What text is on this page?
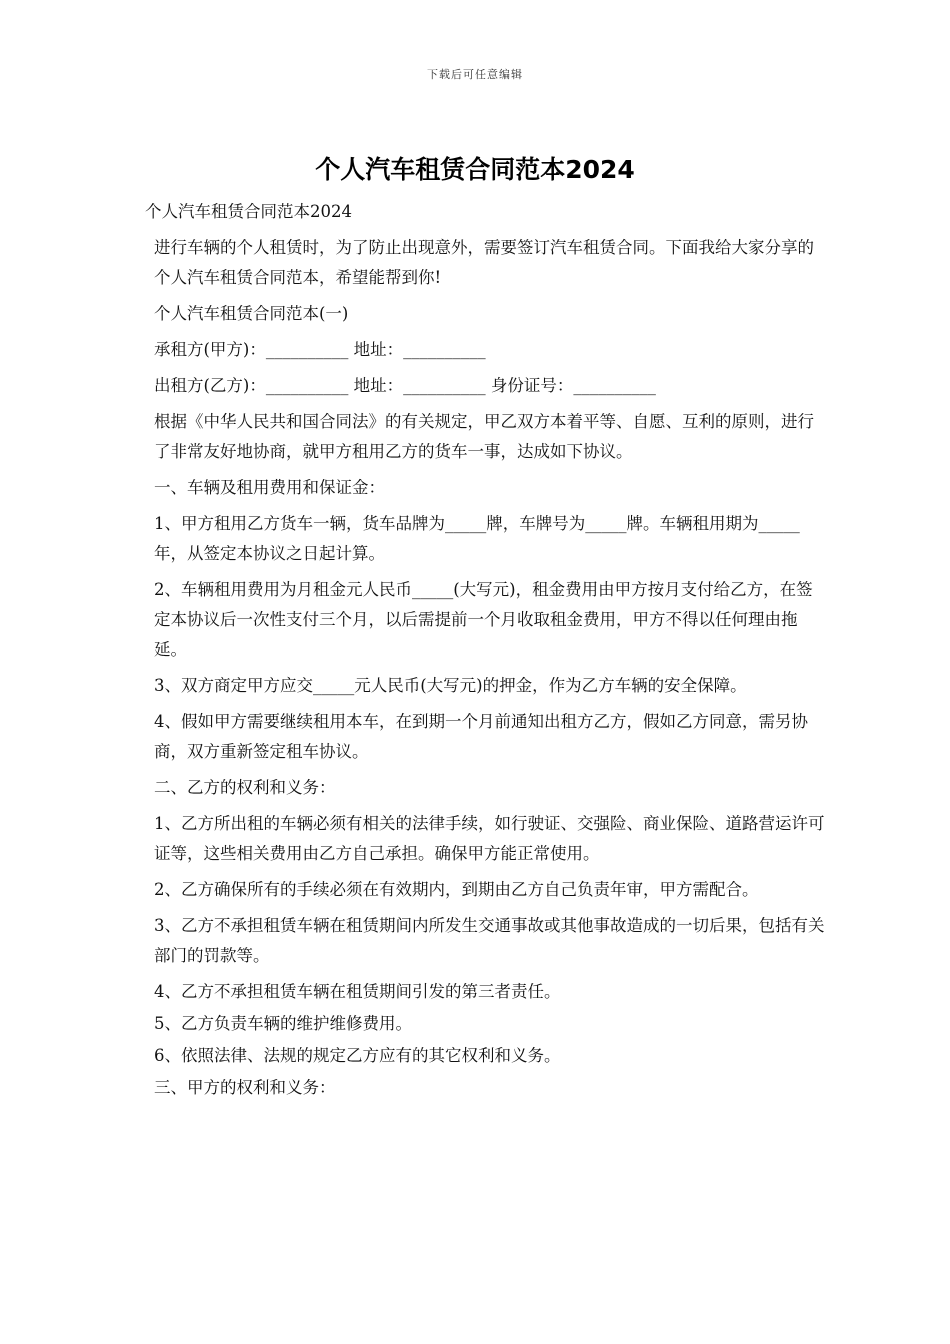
下载后可任意编辑
个人汽车租赁合同范本2024

个人汽车租赁合同范本2024

进行车辆的个人租赁时，为了防止出现意外，需要签订汽车租赁合同。下面我给大家分享的个人汽车租赁合同范本，希望能帮到你!

个人汽车租赁合同范本(一)

承租方(甲方)：__________ 地址：__________

出租方(乙方)：__________ 地址：__________ 身份证号：__________

根据《中华人民共和国合同法》的有关规定，甲乙双方本着平等、自愿、互利的原则，进行了非常友好地协商，就甲方租用乙方的货车一事，达成如下协议。

一、车辆及租用费用和保证金：

1、甲方租用乙方货车一辆，货车品牌为_____牌，车牌号为_____牌。车辆租用期为_____年，从签定本协议之日起计算。

2、车辆租用费用为月租金元人民币_____(大写元)，租金费用由甲方按月支付给乙方，在签定本协议后一次性支付三个月，以后需提前一个月收取租金费用，甲方不得以任何理由拖延。

3、双方商定甲方应交_____元人民币(大写元)的押金，作为乙方车辆的安全保障。

4、假如甲方需要继续租用本车，在到期一个月前通知出租方乙方，假如乙方同意，需另协商，双方重新签定租车协议。

二、乙方的权利和义务：

1、乙方所出租的车辆必须有相关的法律手续，如行驶证、交强险、商业保险、道路营运许可证等，这些相关费用由乙方自己承担。确保甲方能正常使用。

2、乙方确保所有的手续必须在有效期内，到期由乙方自己负责年审，甲方需配合。

3、乙方不承担租赁车辆在租赁期间内所发生交通事故或其他事故造成的一切后果，包括有关部门的罚款等。

4、乙方不承担租赁车辆在租赁期间引发的第三者责任。

5、乙方负责车辆的维护维修费用。

6、依照法律、法规的规定乙方应有的其它权利和义务。

三、甲方的权利和义务：
